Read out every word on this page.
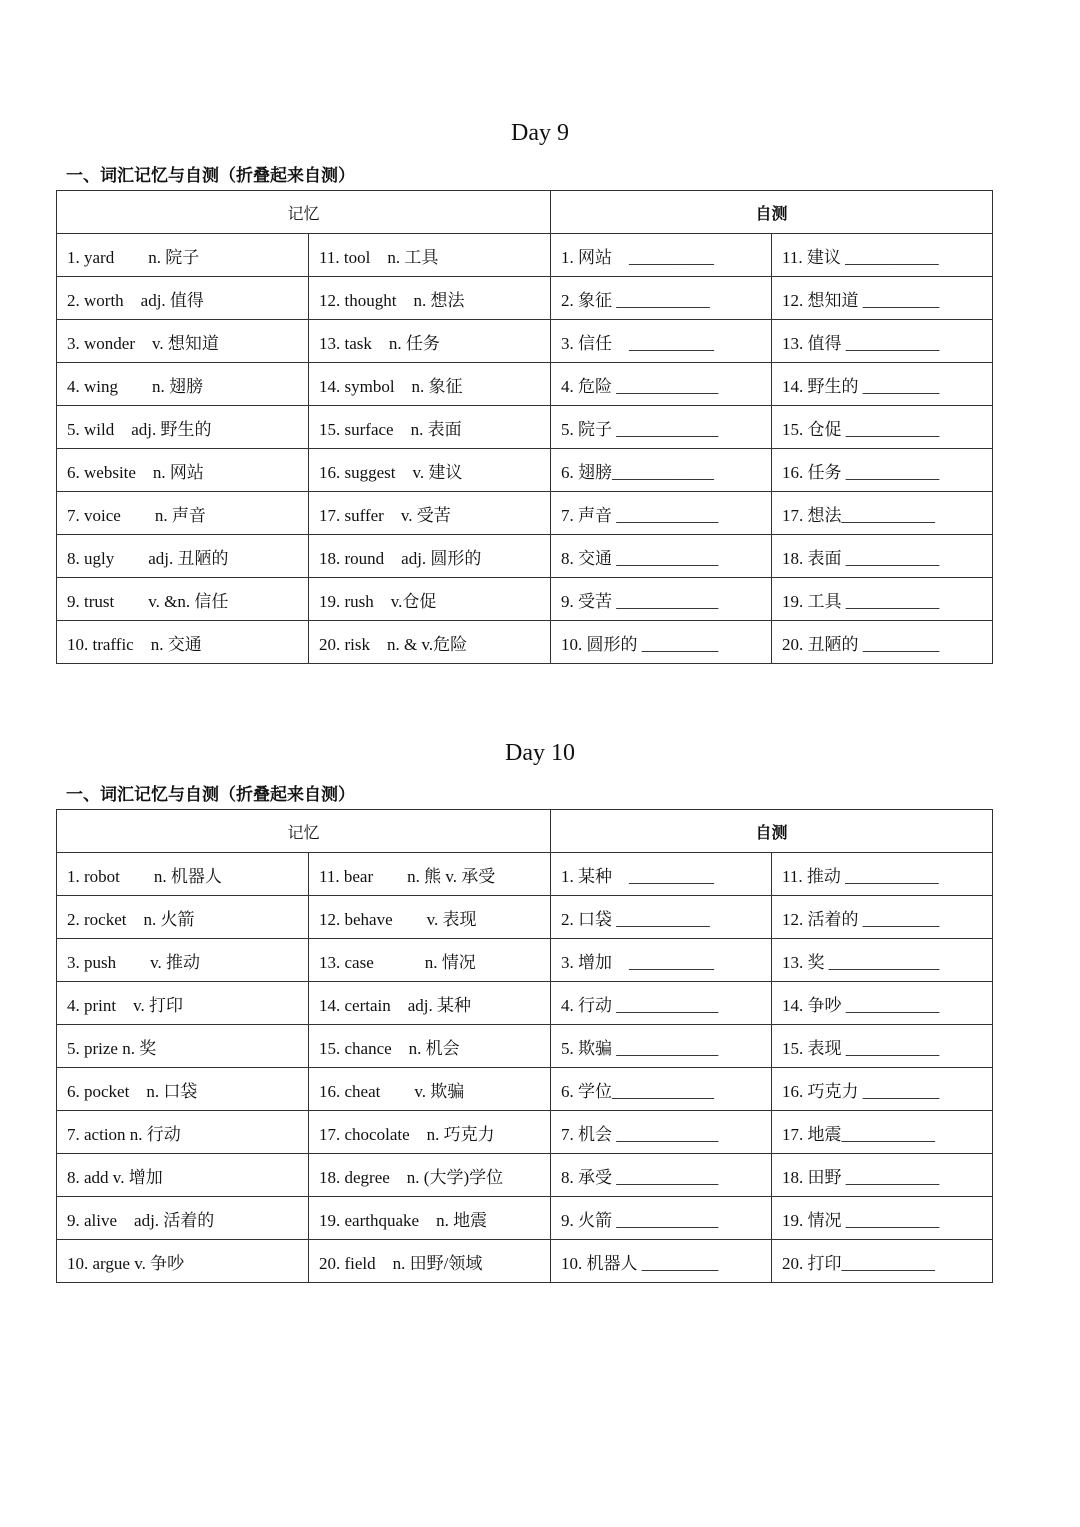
Day 9
一、词汇记忆与自测（折叠起来自测）
记忆		自测	
1. yard　　n. 院子	11. tool　n. 工具	1. 网站　__________	11. 建议 ___________
2. worth　adj. 值得	12. thought　n. 想法	2. 象征 ___________	12. 想知道 _________
3. wonder　v. 想知道	13. task　n. 任务	3. 信任　__________	13. 值得 ___________
4. wing　　n. 翅膀	14. symbol　n. 象征	4. 危险 ____________	14. 野生的 _________
5. wild　adj. 野生的	15. surface　n. 表面	5. 院子 ____________	15. 仓促 ___________
6. website　n. 网站	16. suggest　v. 建议	6. 翅膀____________	16. 任务 ___________
7. voice　　n. 声音	17. suffer　v. 受苦	7. 声音 ____________	17. 想法___________
8. ugly　　adj. 丑陋的	18. round　adj. 圆形的	8. 交通 ____________	18. 表面 ___________
9. trust　　v. &n. 信任	19. rush　v.仓促	9. 受苦 ____________	19. 工具 ___________
10. traffic　n. 交通	20. risk　n. & v.危险	10. 圆形的 _________	20. 丑陋的 _________
Day 10
一、词汇记忆与自测（折叠起来自测）
记忆		自测	
1. robot　　n. 机器人	11. bear　　n. 熊 v. 承受	1. 某种　__________	11. 推动 ___________
2. rocket　n. 火箭	12. behave　　v. 表现	2. 口袋 ___________	12. 活着的 _________
3. push　　v. 推动	13. case　　　n. 情况	3. 增加　__________	13. 奖 _____________
4. print　v. 打印	14. certain　adj. 某种	4. 行动 ____________	14. 争吵 ___________
5. prize n. 奖	15. chance　n. 机会	5. 欺骗 ____________	15. 表现 ___________
6. pocket　n. 口袋	16. cheat　　v. 欺骗	6. 学位____________	16. 巧克力 _________
7. action n. 行动	17. chocolate　n. 巧克力	7. 机会 ____________	17. 地震___________
8. add v. 增加	18. degree　n. (大学)学位	8. 承受 ____________	18. 田野 ___________
9. alive　adj. 活着的	19. earthquake　n. 地震	9. 火箭 ____________	19. 情况 ___________
10. argue v. 争吵	20. field　n. 田野/领域	10. 机器人 _________	20. 打印___________
